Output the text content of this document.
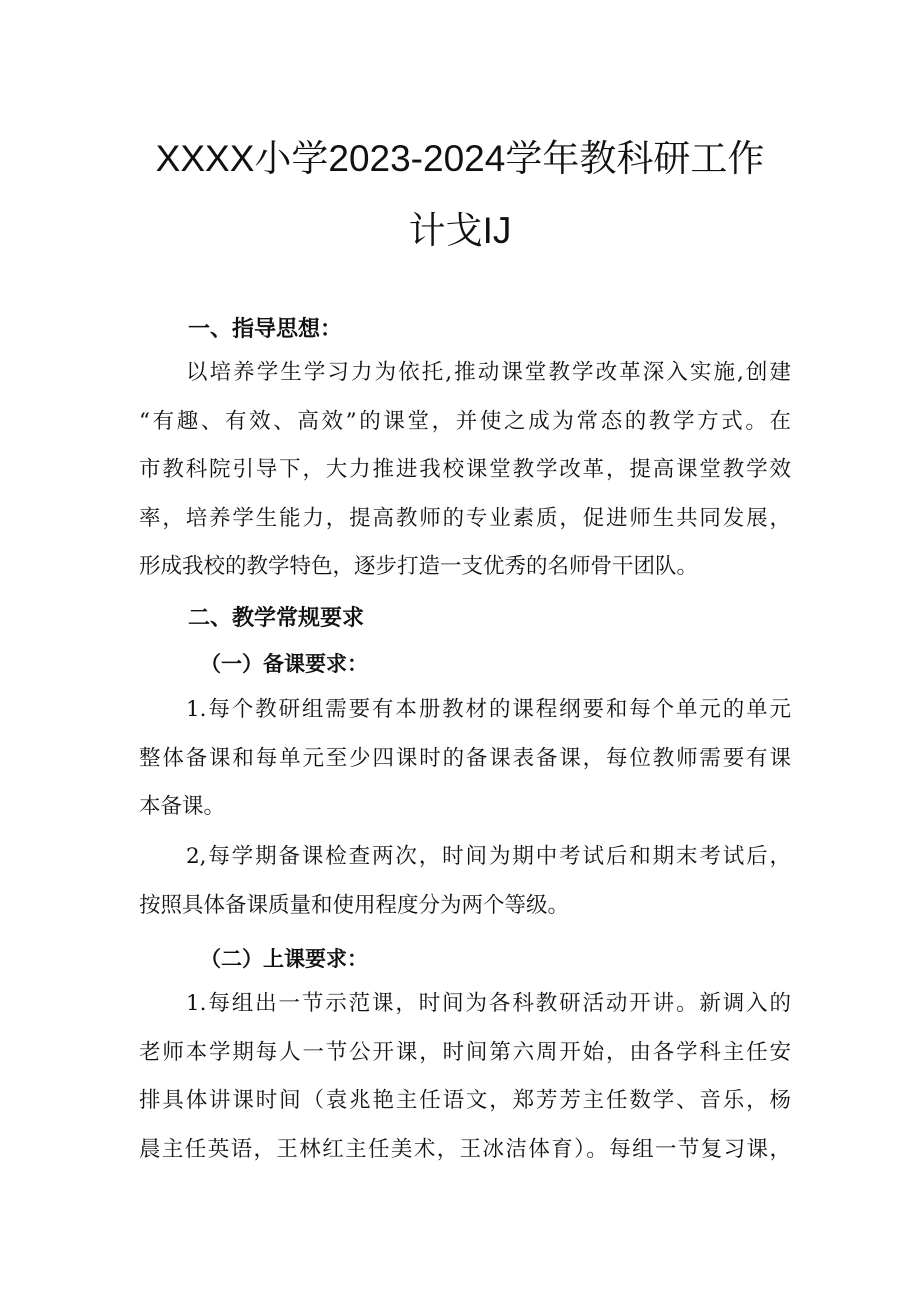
XXXX小学2023-2024学年教科研工作
计戈IJ
一、指导思想：
以培养学生学习力为依托,推动课堂教学改革深入实施,创建
“有趣、有效、高效”的课堂，并使之成为常态的教学方式。在
市教科院引导下，大力推进我校课堂教学改革，提高课堂教学效
率，培养学生能力，提高教师的专业素质，促进师生共同发展，
形成我校的教学特色，逐步打造一支优秀的名师骨干团队。
二、教学常规要求
（一）备课要求：
1.每个教研组需要有本册教材的课程纲要和每个单元的单元
整体备课和每单元至少四课时的备课表备课，每位教师需要有课
本备课。
2,每学期备课检查两次，时间为期中考试后和期末考试后，
按照具体备课质量和使用程度分为两个等级。
（二）上课要求：
1.每组出一节示范课，时间为各科教研活动开讲。新调入的
老师本学期每人一节公开课，时间第六周开始，由各学科主任安
排具体讲课时间（袁兆艳主任语文，郑芳芳主任数学、音乐，杨
晨主任英语，王林红主任美术，王冰洁体育）。每组一节复习课，
